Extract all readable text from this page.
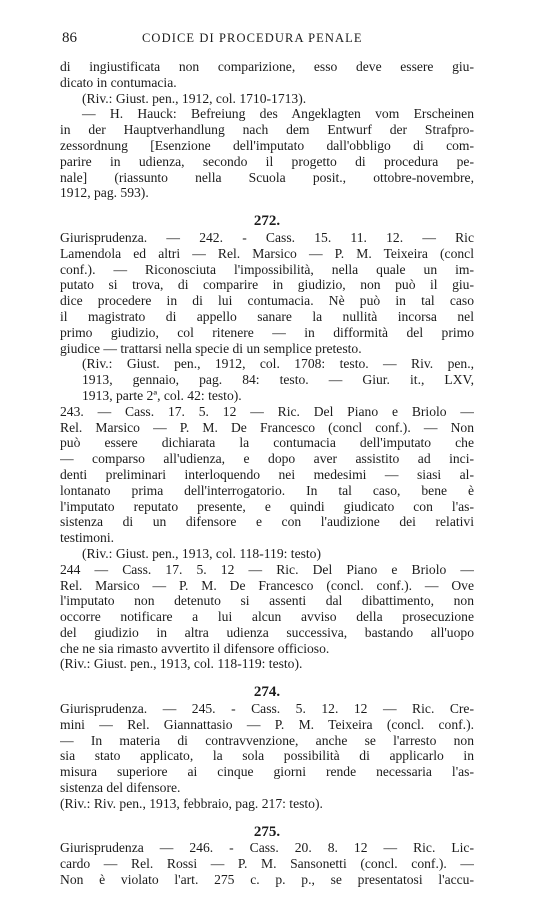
86	CODICE DI PROCEDURA PENALE
di ingiustificata non comparizione, esso deve essere giu-
dicato in contumacia.
(Riv.: Giust. pen., 1912, col. 1710-1713).
— H. Hauck: Befreiung des Angeklagten vom Erscheinen
in der Hauptverhandlung nach dem Entwurf der Strafpro-
zessordnung [Esenzione dell'imputato dall'obbligo di com-
parire in udienza, secondo il progetto di procedura pe-
nale] (riassunto nella Scuola posit., ottobre-novembre,
1912, pag. 593).
272.
Giurisprudenza. — 242. - Cass. 15. 11. 12. — Ric
Lamendola ed altri — Rel. Marsico — P. M. Teixeira (concl
conf.). — Riconosciuta l'impossibilità, nella quale un im-
putato si trova, di comparire in giudizio, non può il giu-
dice procedere in di lui contumacia. Nè può in tal caso
il magistrato di appello sanare la nullità incorsa nel
primo giudizio, col ritenere — in difformità del primo
giudice — trattarsi nella specie di un semplice pretesto.
(Riv.: Giust. pen., 1912, col. 1708: testo. — Riv. pen.,
1913, gennaio, pag. 84: testo. — Giur. it., LXV,
1913, parte 2ª, col. 42: testo).
243. — Cass. 17. 5. 12 — Ric. Del Piano e Briolo —
Rel. Marsico — P. M. De Francesco (concl conf.). — Non
può essere dichiarata la contumacia dell'imputato che
— comparso all'udienza, e dopo aver assistito ad inci-
denti preliminari interloquendo nei medesimi — siasi al-
lontanato prima dell'interrogatorio. In tal caso, bene è
l'imputato reputato presente, e quindi giudicato con l'as-
sistenza di un difensore e con l'audizione dei relativi
testimoni.
(Riv.: Giust. pen., 1913, col. 118-119: testo)
244 — Cass. 17. 5. 12 — Ric. Del Piano e Briolo —
Rel. Marsico — P. M. De Francesco (concl. conf.). — Ove
l'imputato non detenuto si assenti dal dibattimento, non
occorre notificare a lui alcun avviso della prosecuzione
del giudizio in altra udienza successiva, bastando all'uopo
che ne sia rimasto avvertito il difensore officioso.
(Riv.: Giust. pen., 1913, col. 118-119: testo).
274.
Giurisprudenza. — 245. - Cass. 5. 12. 12 — Ric. Cre-
mini — Rel. Giannattasio — P. M. Teixeira (concl. conf.).
— In materia di contravvenzione, anche se l'arresto non
sia stato applicato, la sola possibilità di applicarlo in
misura superiore ai cinque giorni rende necessaria l'as-
sistenza del difensore.
(Riv.: Riv. pen., 1913, febbraio, pag. 217: testo).
275.
Giurisprudenza — 246. - Cass. 20. 8. 12 — Ric. Lic-
cardo — Rel. Rossi — P. M. Sansonetti (concl. conf.). —
Non è violato l'art. 275 c. p. p., se presentatosi l'accu-
